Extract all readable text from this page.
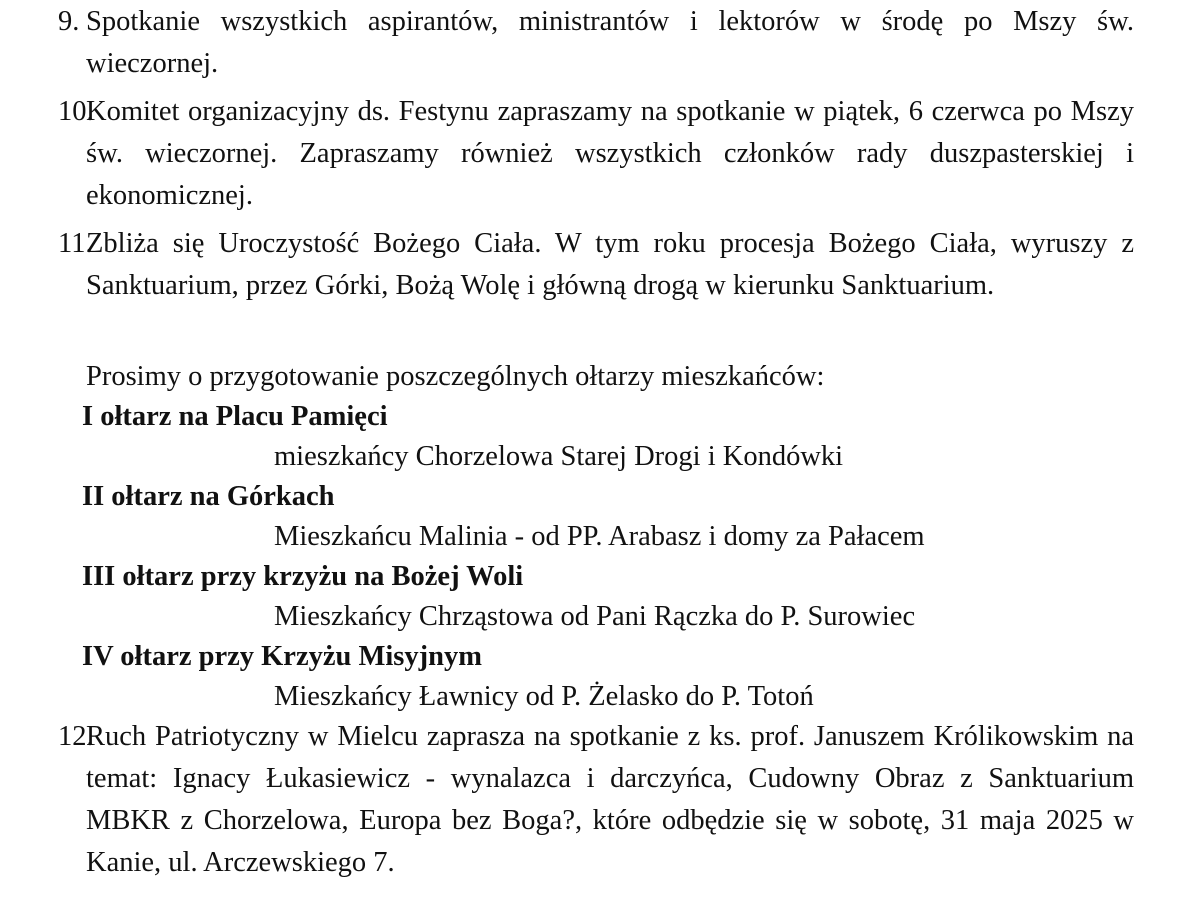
9. Spotkanie wszystkich aspirantów, ministrantów i lektorów w środę po Mszy św. wieczornej.
10.
Komitet organizacyjny ds. Festynu zapraszamy na spotkanie w piątek, 6 czerwca po Mszy św. wieczornej. Zapraszamy również wszystkich członków rady duszpasterskiej i ekonomicznej.
11.
Zbliża się Uroczystość Bożego Ciała. W tym roku procesja Bożego Ciała, wyruszy z Sanktuarium, przez Górki, Bożą Wolę i główną drogą w kierunku Sanktuarium.
Prosimy o przygotowanie poszczególnych ołtarzy mieszkańców:
I ołtarz na Placu Pamięci
mieszkańcy Chorzelowa Starej Drogi i Kondówki
II ołtarz na Górkach
Mieszkańcu Malinia - od PP. Arabasz i domy za Pałacem
III ołtarz przy krzyżu na Bożej Woli
Mieszkańcy Chrząstowa od Pani Rączka do P. Surowiec
IV ołtarz przy Krzyżu Misyjnym
Mieszkańcy Ławnicy od P. Żelasko do P. Totoń
12.
Ruch Patriotyczny w Mielcu zaprasza na spotkanie z ks. prof. Januszem Królikowskim na temat: Ignacy Łukasiewicz - wynalazca i darczyńca, Cudowny Obraz z Sanktuarium MBKR z Chorzelowa, Europa bez Boga?, które odbędzie się w sobotę, 31 maja 2025 w Kanie, ul. Arczewskiego 7.
